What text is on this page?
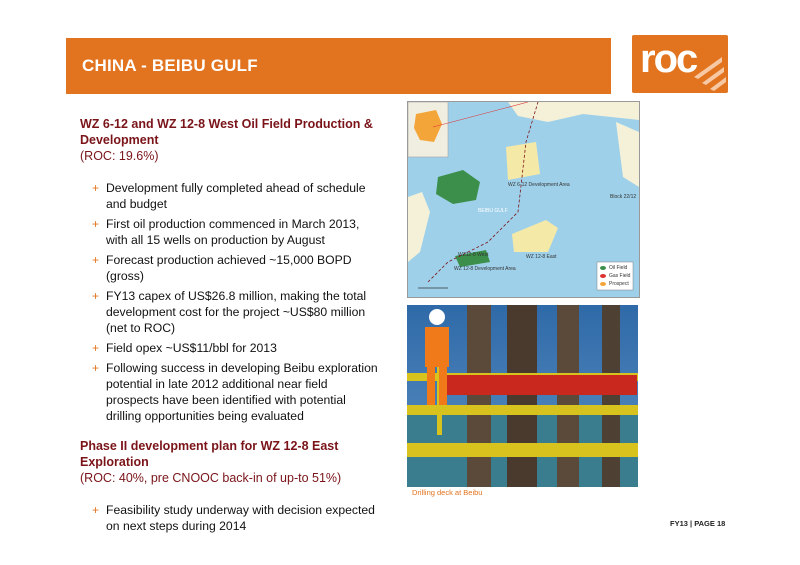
CHINA - BEIBU GULF	roc

WZ 6-12 and WZ 12-8 West Oil Field Production & Development

(ROC: 19.6%)

+ Development fully completed ahead of schedule and budget
+ First oil production commenced in March 2013, with all 15 wells on production by August
+ Forecast production achieved ~15,000 BOPD (gross)
+ FY13 capex of US$26.8 million, making the total development cost for the project ~US$80 million (net to ROC)
+ Field opex ~US$11/bbl for 2013
+ Following success in developing Beibu exploration potential in late 2012 additional near field prospects have been identified with potential drilling opportunities being evaluated

Phase II development plan for WZ 12-8 East Exploration

(ROC: 40%, pre CNOOC back-in of up-to 51%)

+ Feasibility study underway with decision expected on next steps during 2014
WZ 6-12 Development Area
WZ 12-8 Development Area
WZ12-8 West	WZ 12-8 East
BEIBU GULF
Block 22/12
Oil Field
Gas Field
Prospect
Drilling deck at Beibu
FY13 | PAGE 18
